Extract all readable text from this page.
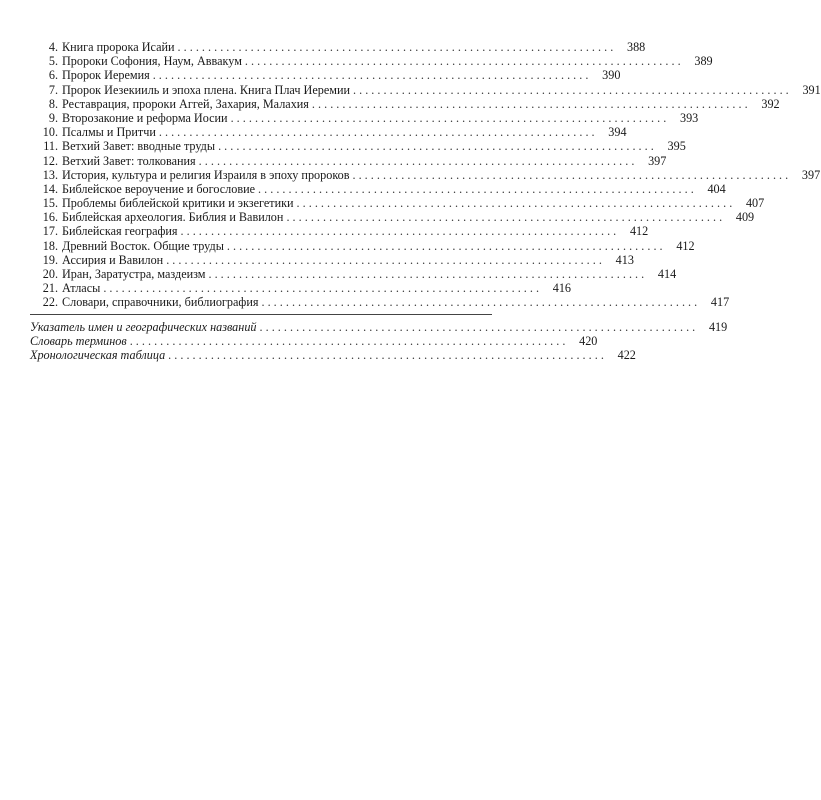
4. Книга пророка Исайи . . .	388
5. Пророки Софония, Наум, Аввакум . . .	389
6. Пророк Иеремия . . .	390
7. Пророк Иезекииль и эпоха плена. Книга Плач Иеремии . . .	391
8. Реставрация, пророки Аггей, Захария, Малахия . . .	392
9. Второзаконие и реформа Иосии . . .	393
10. Псалмы и Притчи . . .	394
11. Ветхий Завет: вводные труды . . .	395
12. Ветхий Завет: толкования . . .	397
13. История, культура и религия Израиля в эпоху пророков . . .	397
14. Библейское вероучение и богословие . . .	404
15. Проблемы библейской критики и экзегетики . . .	407
16. Библейская археология. Библия и Вавилон . . .	409
17. Библейская география . . .	412
18. Древний Восток. Общие труды . . .	412
19. Ассирия и Вавилон . . .	413
20. Иран, Заратустра, маздеизм . . .	414
21. Атласы . . .	416
22. Словари, справочники, библиография . . .	417
Указатель имен и географических названий . . .	419
Словарь терминов . . .	420
Хронологическая таблица . . .	422
